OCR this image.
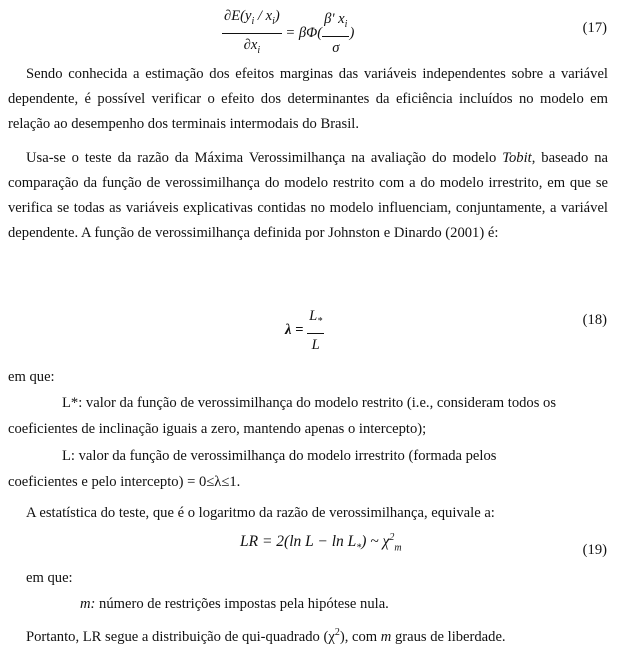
$\frac{\partial E(y_i / x_i)}{\partial x_i} = \beta\Phi( \frac{\beta' x_i}{\sigma}$ )	(17)
Sendo conhecida a estimação dos efeitos marginas das variáveis independentes sobre a variável dependente, é possível verificar o efeito dos determinantes da eficiência incluídos no modelo em relação ao desempenho dos terminais intermodais do Brasil.
Usa-se o teste da razão da Máxima Verossimilhança na avaliação do modelo Tobit, baseado na comparação da função de verossimilhança do modelo restrito com a do modelo irrestrito, em que se verifica se todas as variáveis explicativas contidas no modelo influenciam, conjuntamente, a variável dependente. A função de verossimilhança definida por Johnston e Dinardo (2001) é:
$\lambda = \frac{L_*}{L}$	(18)
em que:
L*: valor da função de verossimilhança do modelo restrito (i.e., consideram todos os
coeficientes de inclinação iguais a zero, mantendo apenas o intercepto);
L: valor da função de verossimilhança do modelo irrestrito (formada pelos
coeficientes e pelo intercepto) = 0≤λ≤1.
A estatística do teste, que é o logaritmo da razão de verossimilhança, equivale a:
LR = 2(ln $L - \ln L_*$) ~ $\chi^2_m$	(19)
em que:
m: número de restrições impostas pela hipótese nula.
Portanto, LR segue a distribuição de qui-quadrado $(\chi^2)$, com m graus de liberdade.
